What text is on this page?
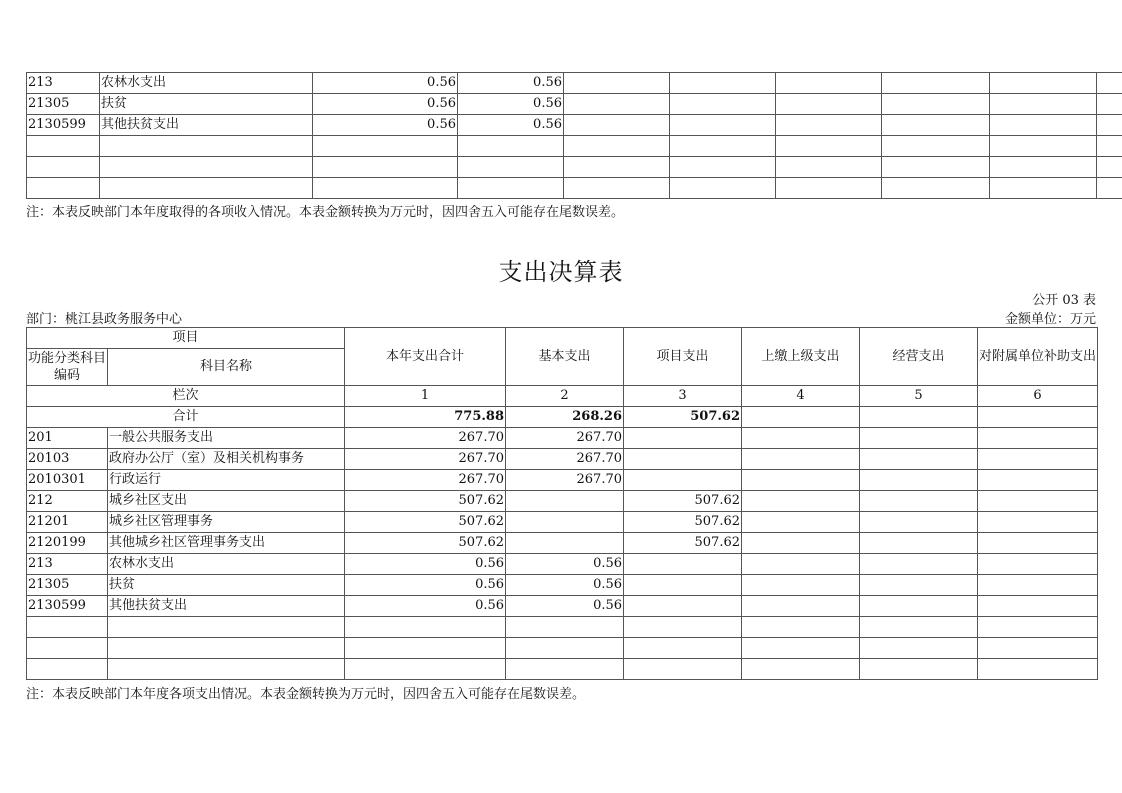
213	农林水支出	0.56	0.56						
21305	扶贫	0.56	0.56						
2130599	其他扶贫支出	0.56	0.56						

注：本表反映部门本年度取得的各项收入情况。本表金额转换为万元时，因四舍五入可能存在尾数误差。
支出决算表
公开 03 表
部门：桃江县政务服务中心	金额单位：万元
项目		本年支出合计	基本支出	项目支出	上缴上级支出	经营支出	对附属单位补助支出
功能分类科目编码	科目名称						
栏次		1	2	3	4	5	6
合计		775.88	268.26	507.62			
201	一般公共服务支出	267.70	267.70				
20103	政府办公厅（室）及相关机构事务	267.70	267.70				
2010301	行政运行	267.70	267.70				
212	城乡社区支出	507.62		507.62			
21201	城乡社区管理事务	507.62		507.62			
2120199	其他城乡社区管理事务支出	507.62		507.62			
213	农林水支出	0.56	0.56				
21305	扶贫	0.56	0.56				
2130599	其他扶贫支出	0.56	0.56				

注：本表反映部门本年度各项支出情况。本表金额转换为万元时，因四舍五入可能存在尾数误差。
